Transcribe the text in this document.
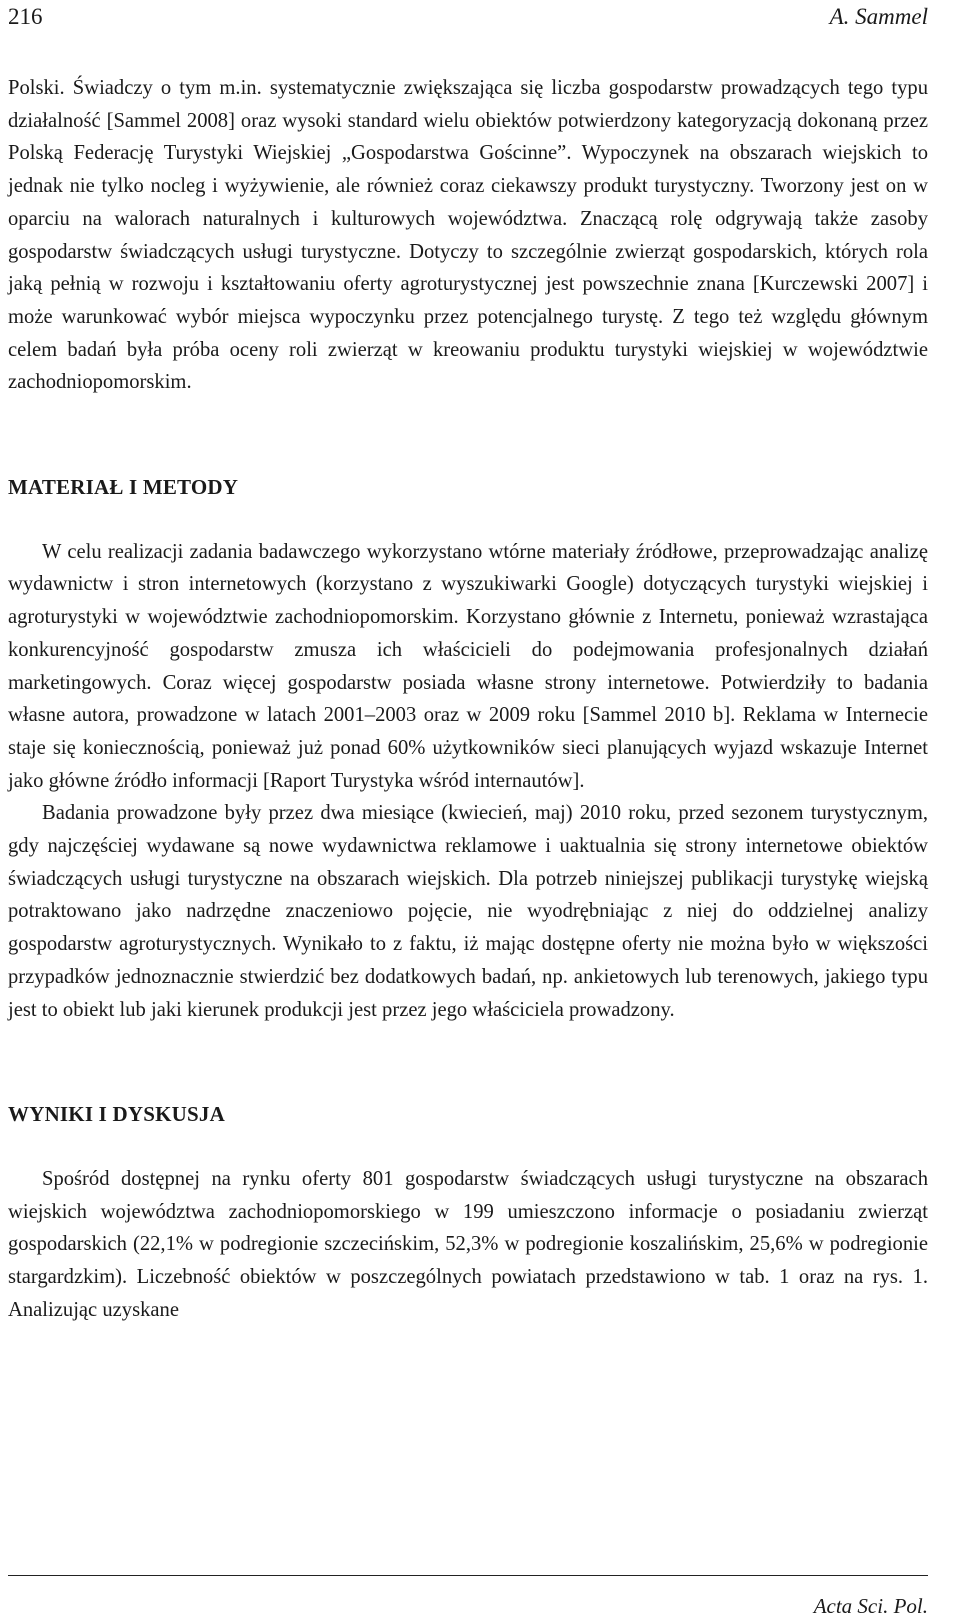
216	A. Sammel

Polski. Świadczy o tym m.in. systematycznie zwiększająca się liczba gospodarstw prowadzących tego typu działalność [Sammel 2008] oraz wysoki standard wielu obiektów potwierdzony kategoryzacją dokonaną przez Polską Federację Turystyki Wiejskiej „Gospodarstwa Gościnne”. Wypoczynek na obszarach wiejskich to jednak nie tylko nocleg i wyżywienie, ale również coraz ciekawszy produkt turystyczny. Tworzony jest on w oparciu na walorach naturalnych i kulturowych województwa. Znaczącą rolę odgrywają także zasoby gospodarstw świadczących usługi turystyczne. Dotyczy to szczególnie zwierząt gospodarskich, których rola jaką pełnią w rozwoju i kształtowaniu oferty agroturystycznej jest powszechnie znana [Kurczewski 2007] i może warunkować wybór miejsca wypoczynku przez potencjalnego turystę. Z tego też względu głównym celem badań była próba oceny roli zwierząt w kreowaniu produktu turystyki wiejskiej w województwie zachodniopomorskim.

MATERIAŁ I METODY

W celu realizacji zadania badawczego wykorzystano wtórne materiały źródłowe, przeprowadzając analizę wydawnictw i stron internetowych (korzystano z wyszukiwarki Google) dotyczących turystyki wiejskiej i agroturystyki w województwie zachodniopomorskim. Korzystano głównie z Internetu, ponieważ wzrastająca konkurencyjność gospodarstw zmusza ich właścicieli do podejmowania profesjonalnych działań marketingowych. Coraz więcej gospodarstw posiada własne strony internetowe. Potwierdziły to badania własne autora, prowadzone w latach 2001–2003 oraz w 2009 roku [Sammel 2010 b]. Reklama w Internecie staje się koniecznością, ponieważ już ponad 60% użytkowników sieci planujących wyjazd wskazuje Internet jako główne źródło informacji [Raport Turystyka wśród internautów].

Badania prowadzone były przez dwa miesiące (kwiecień, maj) 2010 roku, przed sezonem turystycznym, gdy najczęściej wydawane są nowe wydawnictwa reklamowe i uaktualnia się strony internetowe obiektów świadczących usługi turystyczne na obszarach wiejskich. Dla potrzeb niniejszej publikacji turystykę wiejską potraktowano jako nadrzędne znaczeniowo pojęcie, nie wyodrębniając z niej do oddzielnej analizy gospodarstw agroturystycznych. Wynikało to z faktu, iż mając dostępne oferty nie można było w większości przypadków jednoznacznie stwierdzić bez dodatkowych badań, np. ankietowych lub terenowych, jakiego typu jest to obiekt lub jaki kierunek produkcji jest przez jego właściciela prowadzony.

WYNIKI I DYSKUSJA

Spośród dostępnej na rynku oferty 801 gospodarstw świadczących usługi turystyczne na obszarach wiejskich województwa zachodniopomorskiego w 199 umieszczono informacje o posiadaniu zwierząt gospodarskich (22,1% w podregionie szczecińskim, 52,3% w podregionie koszalińskim, 25,6% w podregionie stargardzkim). Liczebność obiektów w poszczególnych powiatach przedstawiono w tab. 1 oraz na rys. 1. Analizując uzyskane

Acta Sci. Pol.
